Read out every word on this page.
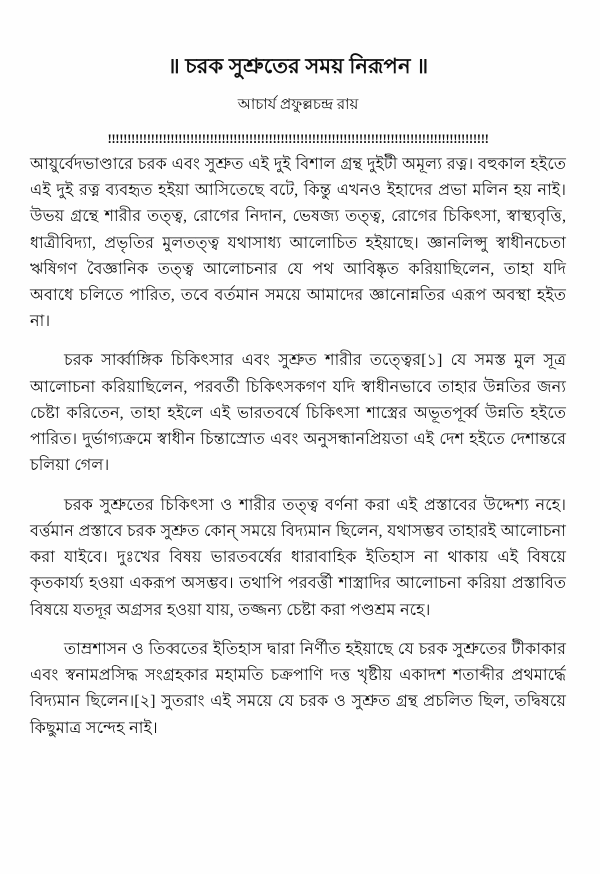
॥ চরক সুশ্রুতের সময় নিরূপন ॥
আচার্য প্রফুল্লচন্দ্র রায়
!!!!!!!!!!!!!!!!!!!!!!!!!!!!!!!!!!!!!!!!!!!!!!!!!!!!!!!!!!!!!!!!!!!!!!!!!!!!!!!!!!!!!!!!!!!!!!!!!

আয়ুর্বেদভাণ্ডারে চরক এবং সুশ্রুত এই দুই বিশাল গ্রন্থ দুইটী অমূল্য রত্ন। বহুকাল হইতে এই দুই রত্ন ব্যবহৃত হইয়া আসিতেছে বটে, কিন্তু এখনও ইহাদের প্রভা মলিন হয় নাই। উভয় গ্রন্থে শারীর তত্ত্ব, রোগের নিদান, ভেষজ্য তত্ত্ব, রোগের চিকিৎসা, স্বাস্থ্যবৃত্তি, ধাত্রীবিদ্যা, প্রভৃতির মুলতত্ত্ব যথাসাধ্য আলোচিত হইয়াছে। জ্ঞানলিপ্সু স্বাধীনচেতা ঋষিগণ বৈজ্ঞানিক তত্ত্ব আলোচনার যে পথ আবিষ্কৃত করিয়াছিলেন, তাহা যদি অবাধে চলিতে পারিত, তবে বর্তমান সময়ে আমাদের জ্ঞানোন্নতির এরূপ অবস্থা হইত না।

চরক সার্ব্বাঙ্গিক চিকিৎসার এবং সুশ্রুত শারীর তত্ত্বের[১] যে সমস্ত মুল সূত্র আলোচনা করিয়াছিলেন, পরবর্তী চিকিৎসকগণ যদি স্বাধীনভাবে তাহার উন্নতির জন্য চেষ্টা করিতেন, তাহা হইলে এই ভারতবর্ষে চিকিৎসা শাস্ত্রের অভূতপূর্ব্ব উন্নতি হইতে পারিত। দুর্ভাগ্যক্রমে স্বাধীন চিন্তাস্রোত এবং অনুসন্ধানপ্রিয়তা এই দেশ হইতে দেশান্তরে চলিয়া গেল।

চরক সুশ্রুতের চিকিৎসা ও শারীর তত্ত্ব বর্ণনা করা এই প্রস্তাবের উদ্দেশ্য নহে। বর্ত্তমান প্রস্তাবে চরক সুশ্রুত কোন্ সময়ে বিদ্যমান ছিলেন, যথাসম্ভব তাহারই আলোচনা করা যাইবে। দুঃখের বিষয় ভারতবর্ষের ধারাবাহিক ইতিহাস না থাকায় এই বিষয়ে কৃতকার্য্য হওয়া একরূপ অসম্ভব। তথাপি পরবর্ত্তী শাস্ত্রাদির আলোচনা করিয়া প্রস্তাবিত বিষয়ে যতদূর অগ্রসর হওয়া যায়, তজ্জন্য চেষ্টা করা পণ্ডশ্রম নহে।

তাম্রশাসন ও তিব্বতের ইতিহাস দ্বারা নির্ণীত হইয়াছে যে চরক সুশ্রুতের টীকাকার এবং স্বনামপ্রসিদ্ধ সংগ্রহকার মহামতি চক্রপাণি দত্ত খৃষ্টীয় একাদশ শতাব্দীর প্রথমার্দ্ধে বিদ্যমান ছিলেন।[২] সুতরাং এই সময়ে যে চরক ও সুশ্রুত গ্রন্থ প্রচলিত ছিল, তদ্বিষয়ে কিছুমাত্র সন্দেহ নাই।
